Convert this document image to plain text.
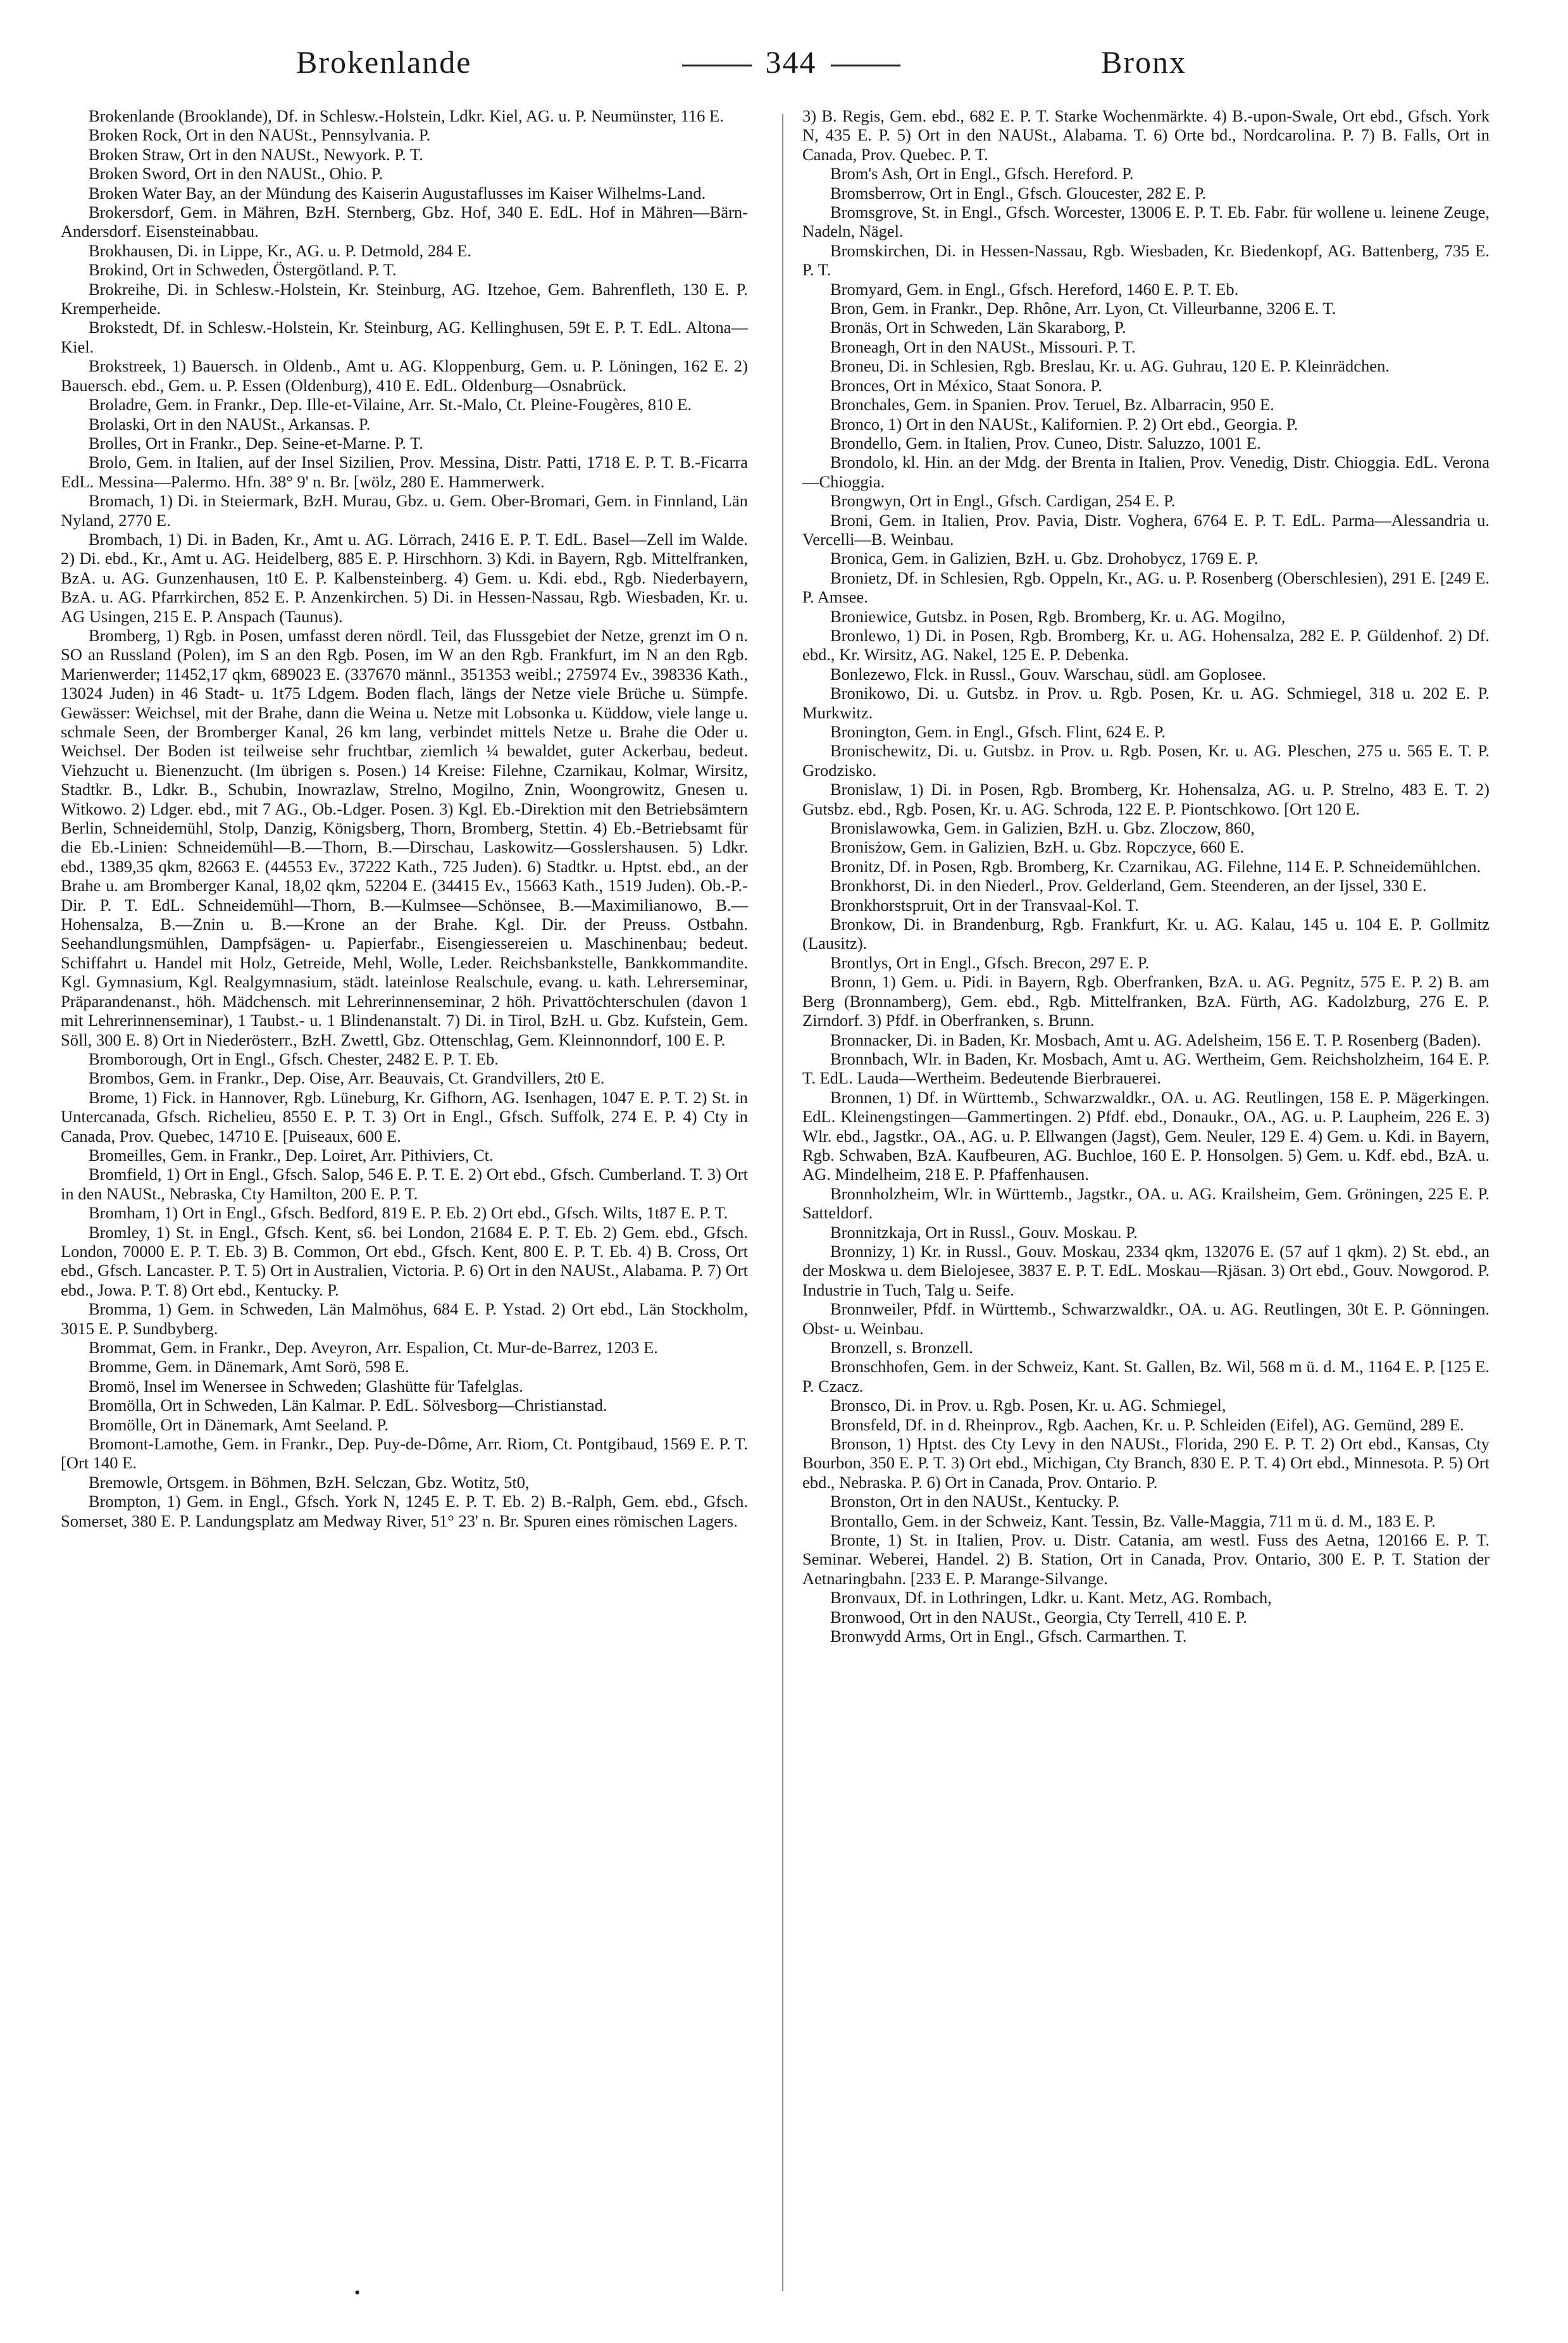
Brokenlande	344	Bronx

Brokenlande (Brooklande), Df. in Schlesw.-Holstein, Ldkr. Kiel, AG. u. P. Neumünster, 116 E.

Broken Rock, Ort in den NAUSt., Pennsylvania. P.

Broken Straw, Ort in den NAUSt., Newyork. P. T.

Broken Sword, Ort in den NAUSt., Ohio. P.

Broken Water Bay, an der Mündung des Kaiserin Augustaflusses im Kaiser Wilhelms-Land.

Brokersdorf, Gem. in Mähren, BzH. Sternberg, Gbz. Hof, 340 E. EdL. Hof in Mähren—Bärn-Andersdorf. Eisensteinabbau.

Brokhausen, Di. in Lippe, Kr., AG. u. P. Detmold, 284 E.

Brokind, Ort in Schweden, Östergötland. P. T.

Brokreihe, Di. in Schlesw.-Holstein, Kr. Steinburg, AG. Itzehoe, Gem. Bahrenfleth, 130 E. P. Kremperheide.

Brokstedt, Df. in Schlesw.-Holstein, Kr. Steinburg, AG. Kellinghusen, 59t E. P. T. EdL. Altona—Kiel.

Brokstreek, 1) Bauersch. in Oldenb., Amt u. AG. Kloppenburg, Gem. u. P. Löningen, 162 E. 2) Bauersch. ebd., Gem. u. P. Essen (Oldenburg), 410 E. EdL. Oldenburg—Osnabrück.

Broladre, Gem. in Frankr., Dep. Ille-et-Vilaine, Arr. St.-Malo, Ct. Pleine-Fougères, 810 E.

Brolaski, Ort in den NAUSt., Arkansas. P.

Brolles, Ort in Frankr., Dep. Seine-et-Marne. P. T.

Brolo, Gem. in Italien, auf der Insel Sizilien, Prov. Messina, Distr. Patti, 1718 E. P. T. B.-Ficarra EdL. Messina—Palermo. Hfn. 38° 9' n. Br. [wölz, 280 E. Hammerwerk.

Bromach, 1) Di. in Steiermark, BzH. Murau, Gbz. u. Gem. Ober-Bromari, Gem. in Finnland, Län Nyland, 2770 E.

Brombach, 1) Di. in Baden, Kr., Amt u. AG. Lörrach, 2416 E. P. T. EdL. Basel—Zell im Walde. 2) Di. ebd., Kr., Amt u. AG. Heidelberg, 885 E. P. Hirschhorn. 3) Kdi. in Bayern, Rgb. Mittelfranken, BzA. u. AG. Gunzenhausen, 1t0 E. P. Kalbensteinberg. 4) Gem. u. Kdi. ebd., Rgb. Niederbayern, BzA. u. AG. Pfarrkirchen, 852 E. P. Anzenkirchen. 5) Di. in Hessen-Nassau, Rgb. Wiesbaden, Kr. u. AG Usingen, 215 E. P. Anspach (Taunus).

Bromberg, 1) Rgb. in Posen, umfasst deren nördl. Teil, das Flussgebiet der Netze, grenzt im O n. SO an Russland (Polen), im S an den Rgb. Posen, im W an den Rgb. Frankfurt, im N an den Rgb. Marienwerder; 11452,17 qkm, 689023 E. (337670 männl., 351353 weibl.; 275974 Ev., 398336 Kath., 13024 Juden) in 46 Stadt- u. 1t75 Ldgem. Boden flach, längs der Netze viele Brüche u. Sümpfe. Gewässer: Weichsel, mit der Brahe, dann die Weina u. Netze mit Lobsonka u. Küddow, viele lange u. schmale Seen, der Bromberger Kanal, 26 km lang, verbindet mittels Netze u. Brahe die Oder u. Weichsel. Der Boden ist teilweise sehr fruchtbar, ziemlich ¼ bewaldet, guter Ackerbau, bedeut. Viehzucht u. Bienenzucht. (Im übrigen s. Posen.) 14 Kreise: Filehne, Czarnikau, Kolmar, Wirsitz, Stadtkr. B., Ldkr. B., Schubin, Inowrazlaw, Strelno, Mogilno, Znin, Woongrowitz, Gnesen u. Witkowo. 2) Ldger. ebd., mit 7 AG., Ob.-Ldger. Posen. 3) Kgl. Eb.-Direktion mit den Betriebsämtern Berlin, Schneidemühl, Stolp, Danzig, Königsberg, Thorn, Bromberg, Stettin. 4) Eb.-Betriebsamt für die Eb.-Linien: Schneidemühl—B.—Thorn, B.—Dirschau, Laskowitz—Gosslershausen. 5) Ldkr. ebd., 1389,35 qkm, 82663 E. (44553 Ev., 37222 Kath., 725 Juden). 6) Stadtkr. u. Hptst. ebd., an der Brahe u. am Bromberger Kanal, 18,02 qkm, 52204 E. (34415 Ev., 15663 Kath., 1519 Juden). Ob.-P.-Dir. P. T. EdL. Schneidemühl—Thorn, B.—Kulmsee—Schönsee, B.—Maximilianowo, B.—Hohensalza, B.—Znin u. B.—Krone an der Brahe. Kgl. Dir. der Preuss. Ostbahn. Seehandlungsmühlen, Dampfsägen- u. Papierfabr., Eisengiessereien u. Maschinenbau; bedeut. Schiffahrt u. Handel mit Holz, Getreide, Mehl, Wolle, Leder. Reichsbankstelle, Bankkommandite. Kgl. Gymnasium, Kgl. Realgymnasium, städt. lateinlose Realschule, evang. u. kath. Lehrerseminar, Präparandenanst., höh. Mädchensch. mit Lehrerinnenseminar, 2 höh. Privattöchterschulen (davon 1 mit Lehrerinnenseminar), 1 Taubst.- u. 1 Blindenanstalt. 7) Di. in Tirol, BzH. u. Gbz. Kufstein, Gem. Söll, 300 E. 8) Ort in Niederösterr., BzH. Zwettl, Gbz. Ottenschlag, Gem. Kleinnonndorf, 100 E. P.

Bromborough, Ort in Engl., Gfsch. Chester, 2482 E. P. T. Eb.

Brombos, Gem. in Frankr., Dep. Oise, Arr. Beauvais, Ct. Grandvillers, 2t0 E.

Brome, 1) Fick. in Hannover, Rgb. Lüneburg, Kr. Gifhorn, AG. Isenhagen, 1047 E. P. T. 2) St. in Untercanada, Gfsch. Richelieu, 8550 E. P. T. 3) Ort in Engl., Gfsch. Suffolk, 274 E. P. 4) Cty in Canada, Prov. Quebec, 14710 E. [Puiseaux, 600 E.

Bromeilles, Gem. in Frankr., Dep. Loiret, Arr. Pithiviers, Ct.

Bromfield, 1) Ort in Engl., Gfsch. Salop, 546 E. P. T. E. 2) Ort ebd., Gfsch. Cumberland. T. 3) Ort in den NAUSt., Nebraska, Cty Hamilton, 200 E. P. T.

Bromham, 1) Ort in Engl., Gfsch. Bedford, 819 E. P. Eb. 2) Ort ebd., Gfsch. Wilts, 1t87 E. P. T.

Bromley, 1) St. in Engl., Gfsch. Kent, s6. bei London, 21684 E. P. T. Eb. 2) Gem. ebd., Gfsch. London, 70000 E. P. T. Eb. 3) B. Common, Ort ebd., Gfsch. Kent, 800 E. P. T. Eb. 4) B. Cross, Ort ebd., Gfsch. Lancaster. P. T. 5) Ort in Australien, Victoria. P. 6) Ort in den NAUSt., Alabama. P. 7) Ort ebd., Jowa. P. T. 8) Ort ebd., Kentucky. P.

Bromma, 1) Gem. in Schweden, Län Malmöhus, 684 E. P. Ystad. 2) Ort ebd., Län Stockholm, 3015 E. P. Sundbyberg.

Brommat, Gem. in Frankr., Dep. Aveyron, Arr. Espalion, Ct. Mur-de-Barrez, 1203 E.

Bromme, Gem. in Dänemark, Amt Sorö, 598 E.

Bromö, Insel im Wenersee in Schweden; Glashütte für Tafelglas.

Bromölla, Ort in Schweden, Län Kalmar. P. EdL. Sölvesborg—Christianstad.

Bromölle, Ort in Dänemark, Amt Seeland. P.

Bromont-Lamothe, Gem. in Frankr., Dep. Puy-de-Dôme, Arr. Riom, Ct. Pontgibaud, 1569 E. P. T. [Ort 140 E.

Bremowle, Ortsgem. in Böhmen, BzH. Selczan, Gbz. Wotitz, 5t0,

Brompton, 1) Gem. in Engl., Gfsch. York N, 1245 E. P. T. Eb. 2) B.-Ralph, Gem. ebd., Gfsch. Somerset, 380 E. P. Landungsplatz am Medway River, 51° 23' n. Br. Spuren eines römischen Lagers.

3) B. Regis, Gem. ebd., 682 E. P. T. Starke Wochenmärkte. 4) B.-upon-Swale, Ort ebd., Gfsch. York N, 435 E. P. 5) Ort in den NAUSt., Alabama. T. 6) Orte bd., Nordcarolina. P. 7) B. Falls, Ort in Canada, Prov. Quebec. P. T.

Brom's Ash, Ort in Engl., Gfsch. Hereford. P.

Bromsberrow, Ort in Engl., Gfsch. Gloucester, 282 E. P.

Bromsgrove, St. in Engl., Gfsch. Worcester, 13006 E. P. T. Eb. Fabr. für wollene u. leinene Zeuge, Nadeln, Nägel.

Bromskirchen, Di. in Hessen-Nassau, Rgb. Wiesbaden, Kr. Biedenkopf, AG. Battenberg, 735 E. P. T.

Bromyard, Gem. in Engl., Gfsch. Hereford, 1460 E. P. T. Eb.

Bron, Gem. in Frankr., Dep. Rhône, Arr. Lyon, Ct. Villeurbanne, 3206 E. T.

Bronäs, Ort in Schweden, Län Skaraborg, P.

Broneagh, Ort in den NAUSt., Missouri. P. T.

Broneu, Di. in Schlesien, Rgb. Breslau, Kr. u. AG. Guhrau, 120 E. P. Kleinrädchen.

Bronces, Ort in México, Staat Sonora. P.

Bronchales, Gem. in Spanien. Prov. Teruel, Bz. Albarracin, 950 E.

Bronco, 1) Ort in den NAUSt., Kalifornien. P. 2) Ort ebd., Georgia. P.

Brondello, Gem. in Italien, Prov. Cuneo, Distr. Saluzzo, 1001 E.

Brondolo, kl. Hin. an der Mdg. der Brenta in Italien, Prov. Venedig, Distr. Chioggia. EdL. Verona—Chioggia.

Brongwyn, Ort in Engl., Gfsch. Cardigan, 254 E. P.

Broni, Gem. in Italien, Prov. Pavia, Distr. Voghera, 6764 E. P. T. EdL. Parma—Alessandria u. Vercelli—B. Weinbau.

Bronica, Gem. in Galizien, BzH. u. Gbz. Drohobycz, 1769 E. P.

Bronietz, Df. in Schlesien, Rgb. Oppeln, Kr., AG. u. P. Rosenberg (Oberschlesien), 291 E. [249 E. P. Amsee.

Broniewice, Gutsbz. in Posen, Rgb. Bromberg, Kr. u. AG. Mogilno,

Bronlewo, 1) Di. in Posen, Rgb. Bromberg, Kr. u. AG. Hohensalza, 282 E. P. Güldenhof. 2) Df. ebd., Kr. Wirsitz, AG. Nakel, 125 E. P. Debenka.

Bonlezewo, Flck. in Russl., Gouv. Warschau, südl. am Goplosee.

Bronikowo, Di. u. Gutsbz. in Prov. u. Rgb. Posen, Kr. u. AG. Schmiegel, 318 u. 202 E. P. Murkwitz.

Bronington, Gem. in Engl., Gfsch. Flint, 624 E. P.

Bronischewitz, Di. u. Gutsbz. in Prov. u. Rgb. Posen, Kr. u. AG. Pleschen, 275 u. 565 E. T. P. Grodzisko.

Bronislaw, 1) Di. in Posen, Rgb. Bromberg, Kr. Hohensalza, AG. u. P. Strelno, 483 E. T. 2) Gutsbz. ebd., Rgb. Posen, Kr. u. AG. Schroda, 122 E. P. Piontschkowo. [Ort 120 E.

Bronislawowka, Gem. in Galizien, BzH. u. Gbz. Zloczow, 860,

Bronisżow, Gem. in Galizien, BzH. u. Gbz. Ropczyce, 660 E.

Bronitz, Df. in Posen, Rgb. Bromberg, Kr. Czarnikau, AG. Filehne, 114 E. P. Schneidemühlchen.

Bronkhorst, Di. in den Niederl., Prov. Gelderland, Gem. Steenderen, an der Ijssel, 330 E.

Bronkhorstspruit, Ort in der Transvaal-Kol. T.

Bronkow, Di. in Brandenburg, Rgb. Frankfurt, Kr. u. AG. Kalau, 145 u. 104 E. P. Gollmitz (Lausitz).

Brontlys, Ort in Engl., Gfsch. Brecon, 297 E. P.

Bronn, 1) Gem. u. Pidi. in Bayern, Rgb. Oberfranken, BzA. u. AG. Pegnitz, 575 E. P. 2) B. am Berg (Bronnamberg), Gem. ebd., Rgb. Mittelfranken, BzA. Fürth, AG. Kadolzburg, 276 E. P. Zirndorf. 3) Pfdf. in Oberfranken, s. Brunn.

Bronnacker, Di. in Baden, Kr. Mosbach, Amt u. AG. Adelsheim, 156 E. T. P. Rosenberg (Baden).

Bronnbach, Wlr. in Baden, Kr. Mosbach, Amt u. AG. Wertheim, Gem. Reichsholzheim, 164 E. P. T. EdL. Lauda—Wertheim. Bedeutende Bierbrauerei.

Bronnen, 1) Df. in Württemb., Schwarzwaldkr., OA. u. AG. Reutlingen, 158 E. P. Mägerkingen. EdL. Kleinengstingen—Gammertingen. 2) Pfdf. ebd., Donaukr., OA., AG. u. P. Laupheim, 226 E. 3) Wlr. ebd., Jagstkr., OA., AG. u. P. Ellwangen (Jagst), Gem. Neuler, 129 E. 4) Gem. u. Kdi. in Bayern, Rgb. Schwaben, BzA. Kaufbeuren, AG. Buchloe, 160 E. P. Honsolgen. 5) Gem. u. Kdf. ebd., BzA. u. AG. Mindelheim, 218 E. P. Pfaffenhausen.

Bronnholzheim, Wlr. in Württemb., Jagstkr., OA. u. AG. Krailsheim, Gem. Gröningen, 225 E. P. Satteldorf.

Bronnitzkaja, Ort in Russl., Gouv. Moskau. P.

Bronnizy, 1) Kr. in Russl., Gouv. Moskau, 2334 qkm, 132076 E. (57 auf 1 qkm). 2) St. ebd., an der Moskwa u. dem Bielojesee, 3837 E. P. T. EdL. Moskau—Rjäsan. 3) Ort ebd., Gouv. Nowgorod. P. Industrie in Tuch, Talg u. Seife.

Bronnweiler, Pfdf. in Württemb., Schwarzwaldkr., OA. u. AG. Reutlingen, 30t E. P. Gönningen. Obst- u. Weinbau.

Bronzell, s. Bronzell.

Bronschhofen, Gem. in der Schweiz, Kant. St. Gallen, Bz. Wil, 568 m ü. d. M., 1164 E. P. [125 E. P. Czacz.

Bronsco, Di. in Prov. u. Rgb. Posen, Kr. u. AG. Schmiegel,

Bronsfeld, Df. in d. Rheinprov., Rgb. Aachen, Kr. u. P. Schleiden (Eifel), AG. Gemünd, 289 E.

Bronson, 1) Hptst. des Cty Levy in den NAUSt., Florida, 290 E. P. T. 2) Ort ebd., Kansas, Cty Bourbon, 350 E. P. T. 3) Ort ebd., Michigan, Cty Branch, 830 E. P. T. 4) Ort ebd., Minnesota. P. 5) Ort ebd., Nebraska. P. 6) Ort in Canada, Prov. Ontario. P.

Bronston, Ort in den NAUSt., Kentucky. P.

Brontallo, Gem. in der Schweiz, Kant. Tessin, Bz. Valle-Maggia, 711 m ü. d. M., 183 E. P.

Bronte, 1) St. in Italien, Prov. u. Distr. Catania, am westl. Fuss des Aetna, 120166 E. P. T. Seminar. Weberei, Handel. 2) B. Station, Ort in Canada, Prov. Ontario, 300 E. P. T. Station der Aetnaringbahn. [233 E. P. Marange-Silvange.

Bronvaux, Df. in Lothringen, Ldkr. u. Kant. Metz, AG. Rombach,

Bronwood, Ort in den NAUSt., Georgia, Cty Terrell, 410 E. P.

Bronwydd Arms, Ort in Engl., Gfsch. Carmarthen. T.

•
